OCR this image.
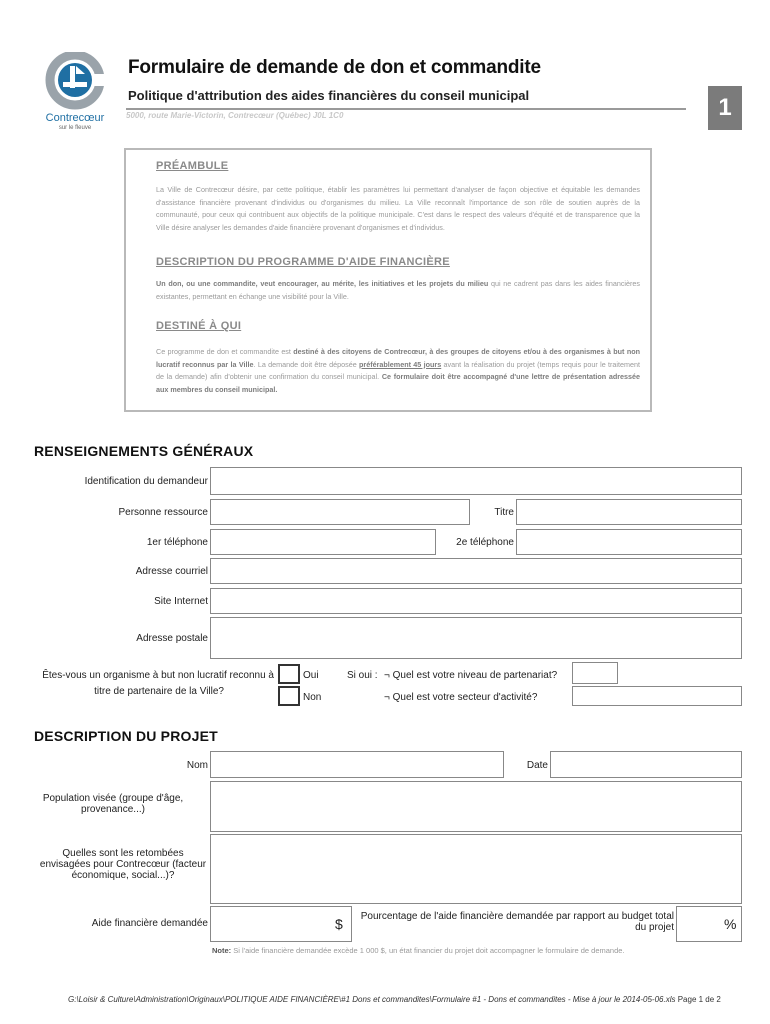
Contrecœur
sur le fleuve
Formulaire de demande de don et commandite
Politique d'attribution des aides financières du conseil municipal
5000, route Marie-Victorin, Contrecœur (Québec) J0L 1C0	1
PRÉAMBULE
La Ville de Contrecœur désire, par cette politique, établir les paramètres lui permettant d'analyser de façon objective et équitable les demandes d'assistance financière provenant d'individus ou d'organismes du milieu. La Ville reconnaît l'importance de son rôle de soutien auprès de la communauté, pour ceux qui contribuent aux objectifs de la politique municipale. C'est dans le respect des valeurs d'équité et de transparence que la Ville désire analyser les demandes d'aide financière provenant d'organismes et d'individus.
DESCRIPTION DU PROGRAMME D'AIDE FINANCIÈRE
Un don, ou une commandite, veut encourager, au mérite, les initiatives et les projets du milieu qui ne cadrent pas dans les aides financières existantes, permettant en échange une visibilité pour la Ville.
DESTINÉ À QUI
Ce programme de don et commandite est destiné à des citoyens de Contrecœur, à des groupes de citoyens et/ou à des organismes à but non lucratif reconnus par la Ville. La demande doit être déposée préférablement 45 jours avant la réalisation du projet (temps requis pour le traitement de la demande) afin d'obtenir une confirmation du conseil municipal. Ce formulaire doit être accompagné d'une lettre de présentation adressée aux membres du conseil municipal.
RENSEIGNEMENTS GÉNÉRAUX
Identification du demandeur
Personne ressource	Titre
1er téléphone	2e téléphone
Adresse courriel
Site Internet
Adresse postale
Êtes-vous un organisme à but non lucratif reconnu à
titre de partenaire de la Ville?
Oui
Non
Si oui : ¬ Quel est votre niveau de partenariat?
¬ Quel est votre secteur d'activité?
DESCRIPTION DU PROJET
Nom	Date
Population visée (groupe d'âge,
provenance...)
Quelles sont les retombées
envisagées pour Contrecœur (facteur
économique, social...)?
Aide financière demandée	$ Pourcentage de l'aide financière demandée par rapport au budget total
du projet	%
Note: Si l'aide financière demandée excède 1 000 $, un état financier du projet doit accompagner le formulaire de demande.
G:\Loisir & Culture\Administration\Originaux\POLITIQUE AIDE FINANCIÈRE\#1 Dons et commandites\Formulaire #1 - Dons et commandites - Mise à jour le 2014-05-06.xls Page 1 de 2
